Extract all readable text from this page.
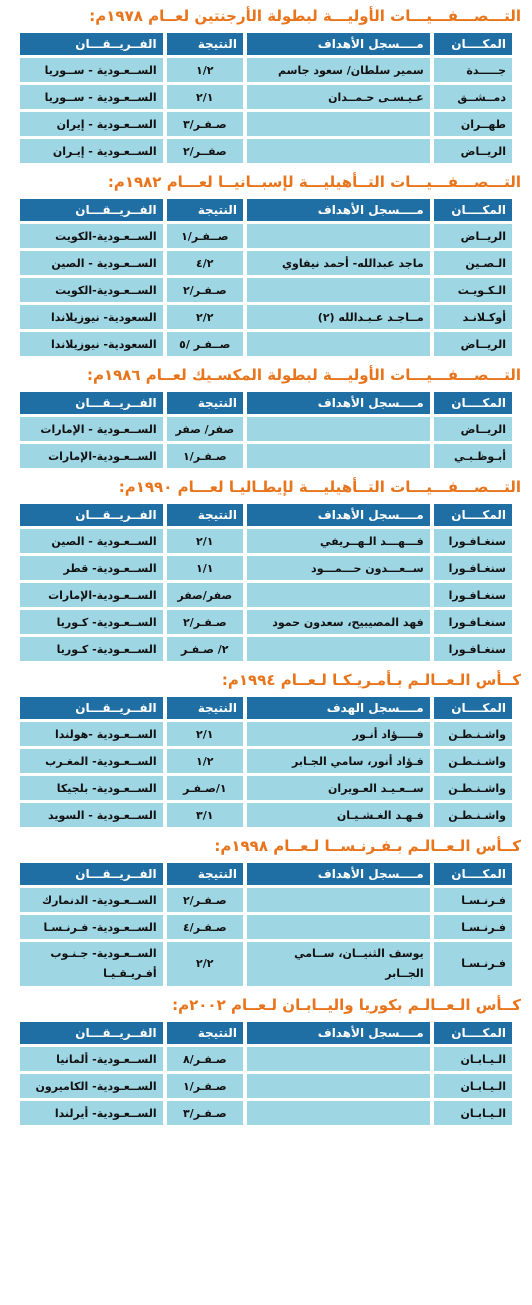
التـــصـــفـــيـــات الأوليـــة لبطولة الأرجنتين لعــام ١٩٧٨م:
المكــــان	مــــسجل الأهداف	النتيجة	الفــريــقـــان
جـــــدة	سمير سلطان/ سعود جاسم	١/٢	الســعـودية - ســوريا
دمــشــق	عـيـسـى حـمــدان	٢/١	الســعـودية - ســوريا
طهــران		صـفـر/٣	الســعـودية - إيران
الريــاض		صفــر/٢	الســعـودية - إيـران
التـــصـــفـــيـــات التــأهيليـــة لإسبــانيــا لعـــام ١٩٨٢م:
المكــــان	مــــسجل الأهداف	النتيجة	الفــريــقـــان
الريــاض		صــفـر/١	الســعـودية-الكويت
الـصـين	ماجد عبدالله- أحمد نيفاوي	٤/٢	الســعـودية - الصين
الـكـويـت		صـفـر/٢	الســعـودية-الكويت
أوكـلانـد	مــاجـد عـبـدالله (٢)	٢/٢	السعودية- نيوزيلاندا
الريــاض		صــفـر /٥	السعودية- نيوزيلاندا
التـــصـــفـــيـــات الأوليـــة لبطولة المكسـيك لعــام ١٩٨٦م:
المكــــان	مــــسجل الأهداف	النتيجة	الفــريــقـــان
الريــاض		صفر/ صفر	الســعـودية - الإمارات
أبـوظـبـي		صـفـر/١	الســعـودية-الإمارات
التـــصـــفـــيـــات التــأهيليـــة لإيطـاليـا لعـــام ١٩٩٠م:
المكــــان	مــــسجل الأهداف	النتيجة	الفــريــقـــان
سنغـافـورا	فـــهـــد الـهــريفي	٢/١	الســعـودية - الصين
سنغـافـورا	ســعـــدون حـــمـــود	١/١	الســعـودية- قطر
سنغـافـورا		صفر/صفر	الســعـودية-الإمارات
سنغـافـورا	فهد المصيبيح، سعدون حمود	صـفـر/٢	الســعـودية- كـوريا
سنغـافـورا		٢/ صـفـر	الســعـودية- كـوريا
كــأس الـعــالـم بـأمـريـكـا لـعــام ١٩٩٤م:
المكــــان	مــــسجل الهدف	النتيجة	الفــريــقـــان
واشـنـطـن	فـــــؤاد أنـور	٢/١	الســعـودية -هولندا
واشـنـطـن	فـؤاد أنور، سامي الجـابر	١/٢	الســعـودية- المغـرب
واشـنـطـن	ســعـيـد العـويران	١/صـفـر	الســعـودية- بلجيكا
واشـنـطـن	فـهـد الغـشـيـان	٣/١	الســعـودية - السويد
كــأس الـعــالـم بـفـرنـســا لـعــام ١٩٩٨م:
المكــــان	مــــسجل الأهداف	النتيجة	الفــريــقـــان
فـرنـسـا		صـفـر/٢	الســعـودية- الدنمارك
فـرنـسـا		صـفـر/٤	الســعـودية- فـرنـسـا
فـرنـسـا	يوسف الثنيــان، ســامي الجــابر	٢/٢	الســعـودية- جـنـوب أفـريـقـيـا
كــأس الـعــالـم بكوريا واليــابـان لـعــام ٢٠٠٢م:
المكــــان	مــــسجل الأهداف	النتيجة	الفــريــقـــان
الـيـابـان		صـفـر/٨	الســعـودية- ألمانيا
الـيـابـان		صـفـر/١	الســعـودية- الكاميرون
الـيـابـان		صـفـر/٣	الســعـودية- أيرلندا
